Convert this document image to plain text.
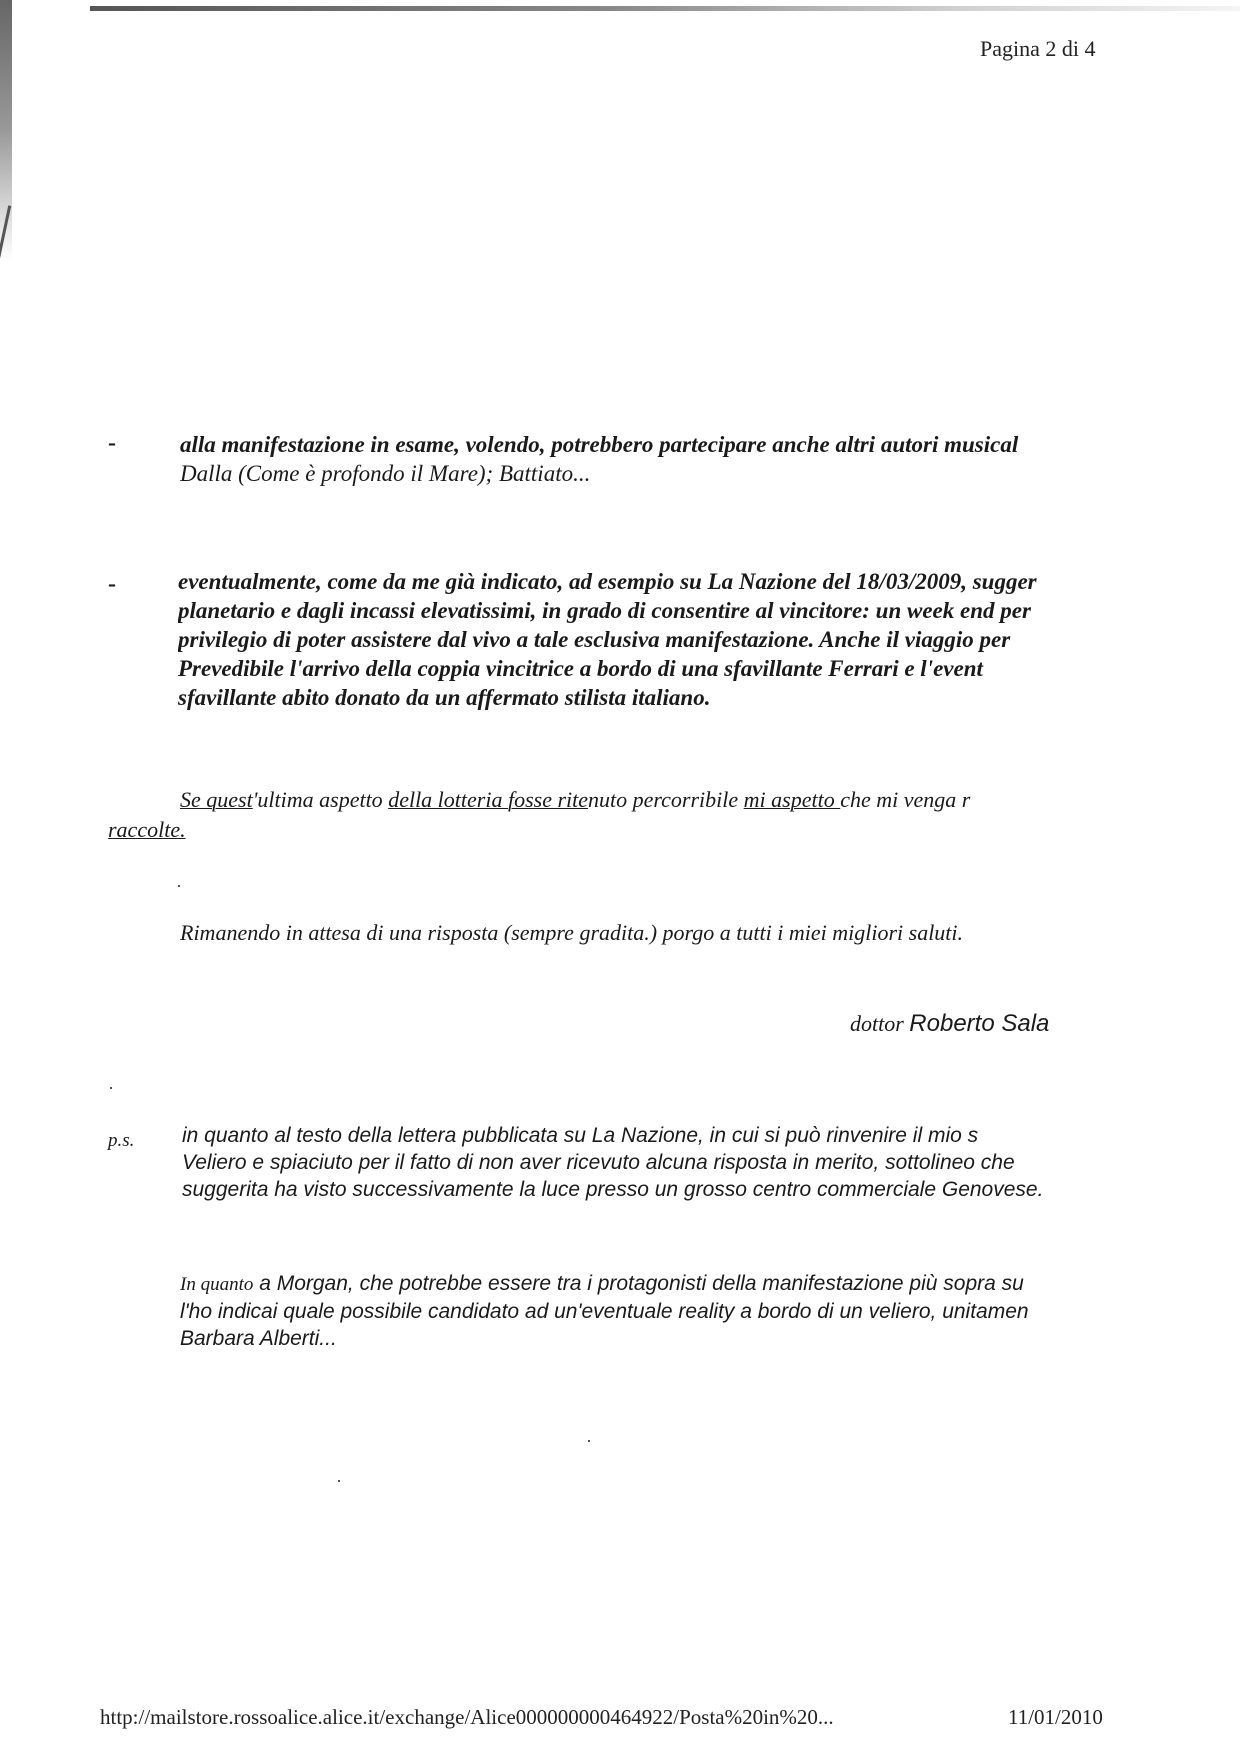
Pagina 2 di 4
-	alla manifestazione in esame, volendo, potrebbero partecipare anche altri autori musical
Dalla (Come è profondo il Mare); Battiato...
-	eventualmente, come da me già indicato, ad esempio su La Nazione del 18/03/2009, sugger
planetario e dagli incassi elevatissimi, in grado di consentire al vincitore: un week end per
privilegio di poter assistere dal vivo a tale esclusiva manifestazione. Anche il viaggio per
Prevedibile l'arrivo della coppia vincitrice a bordo di una sfavillante Ferrari e l'event
sfavillante abito donato da un affermato stilista italiano.
Se quest'ultima aspetto della lotteria fosse ritenuto percorribile mi aspetto che mi venga r
raccolte.
Rimanendo in attesa di una risposta (sempre gradita.) porgo a tutti i miei migliori saluti.
dottor Roberto Sala
p.s. in quanto al testo della lettera pubblicata su La Nazione, in cui si può rinvenire il mio s
Veliero e spiaciuto per il fatto di non aver ricevuto alcuna risposta in merito, sottolineo che
suggerita ha visto successivamente la luce presso un grosso centro commerciale Genovese.
In quanto a Morgan, che potrebbe essere tra i protagonisti della manifestazione più sopra su
l'ho indicai quale possibile candidato ad un'eventuale reality a bordo di un veliero, unitamen
Barbara Alberti...
http://mailstore.rossoalice.alice.it/exchange/Alice000000000464922/Posta%20in%20...	11/01/2010
